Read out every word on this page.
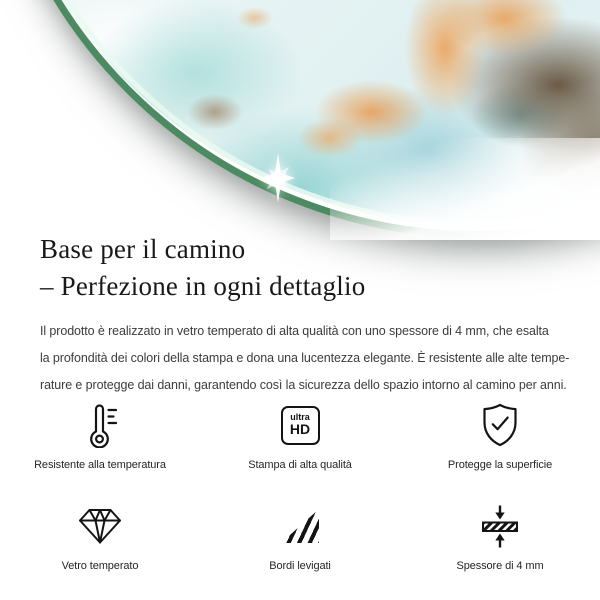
Base per il camino
– Perfezione in ogni dettaglio

Il prodotto è realizzato in vetro temperato di alta qualità con uno spessore di 4 mm, che esalta
la profondità dei colori della stampa e dona una lucentezza elegante. È resistente alle alte tempe-
rature e protegge dai danni, garantendo così la sicurezza dello spazio intorno al camino per anni.

Resistente alla temperatura
ultra
HD
Stampa di alta qualità	Protegge la superficie
Vetro temperato	Bordi levigati	Spessore di 4 mm
